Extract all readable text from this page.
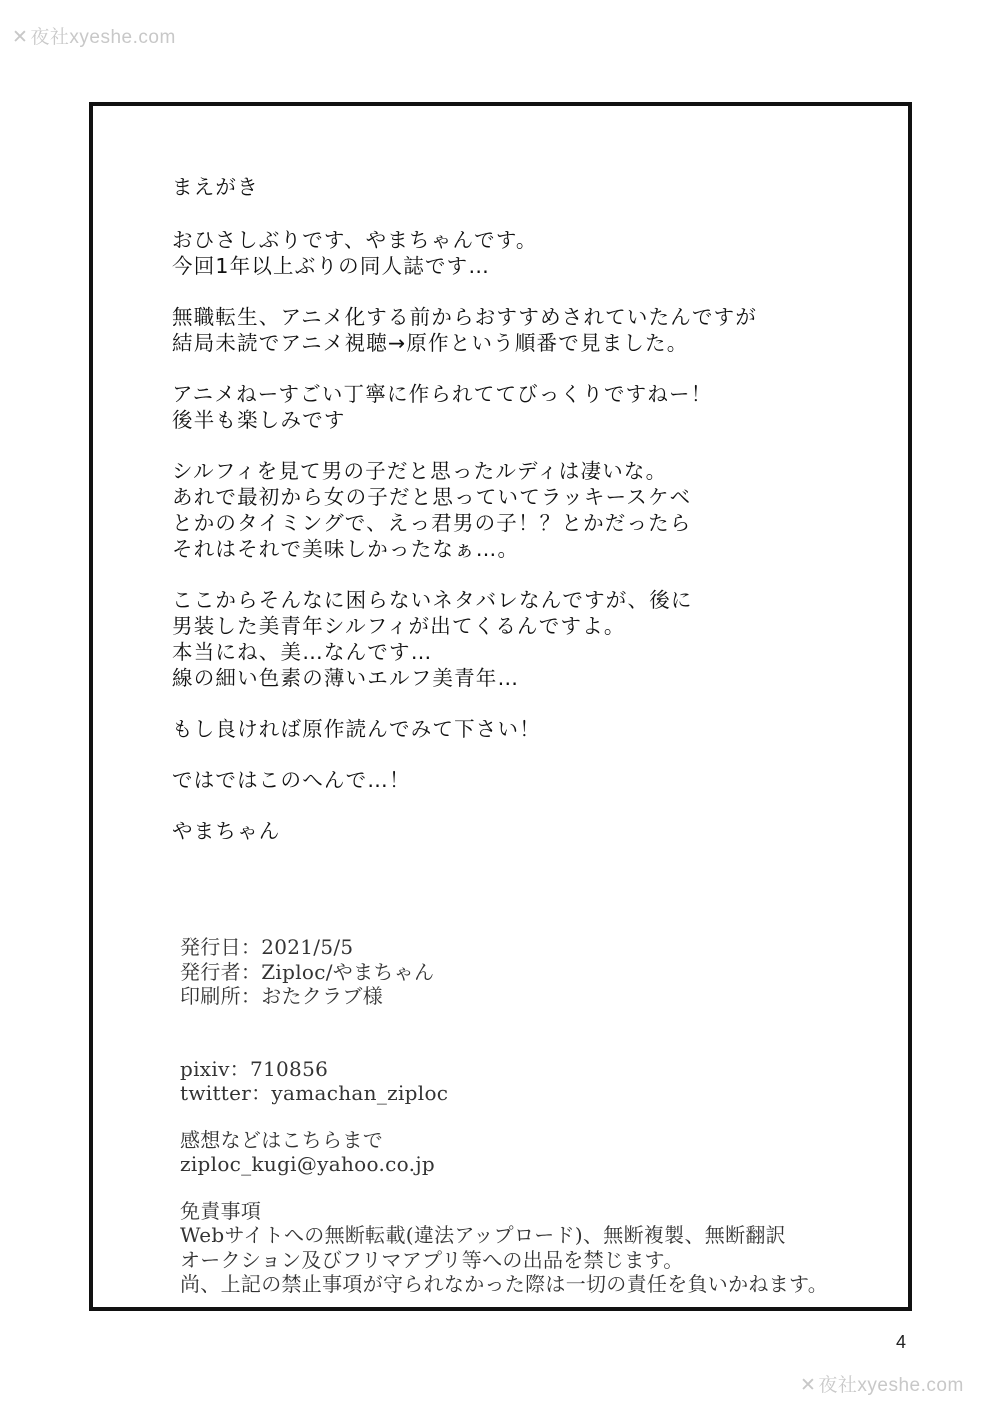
✕ 夜社xyeshe.com

まえがき

おひさしぶりです、やまちゃんです。
今回1年以上ぶりの同人誌です…

無職転生、アニメ化する前からおすすめされていたんですが
結局未読でアニメ視聴→原作という順番で見ました。

アニメねーすごい丁寧に作られててびっくりですねー！
後半も楽しみです

シルフィを見て男の子だと思ったルディは凄いな。
あれで最初から女の子だと思っていてラッキースケベ
とかのタイミングで、えっ君男の子！？とかだったら
それはそれで美味しかったなぁ…。

ここからそんなに困らないネタバレなんですが、後に
男装した美青年シルフィが出てくるんですよ。
本当にね、美…なんです…
線の細い色素の薄いエルフ美青年…

もし良ければ原作読んでみて下さい！

ではではこのへんで…！

やまちゃん

発行日：2021/5/5
発行者：Ziploc/やまちゃん
印刷所：おたクラブ様
pixiv：710856
twitter：yamachan_ziploc
感想などはこちらまで
ziploc_kugi@yahoo.co.jp
免責事項
Webサイトへの無断転載(違法アップロード)、無断複製、無断翻訳
オークション及びフリマアプリ等への出品を禁じます。
尚、上記の禁止事項が守られなかった際は一切の責任を負いかねます。
4
✕ 夜社xyeshe.com
